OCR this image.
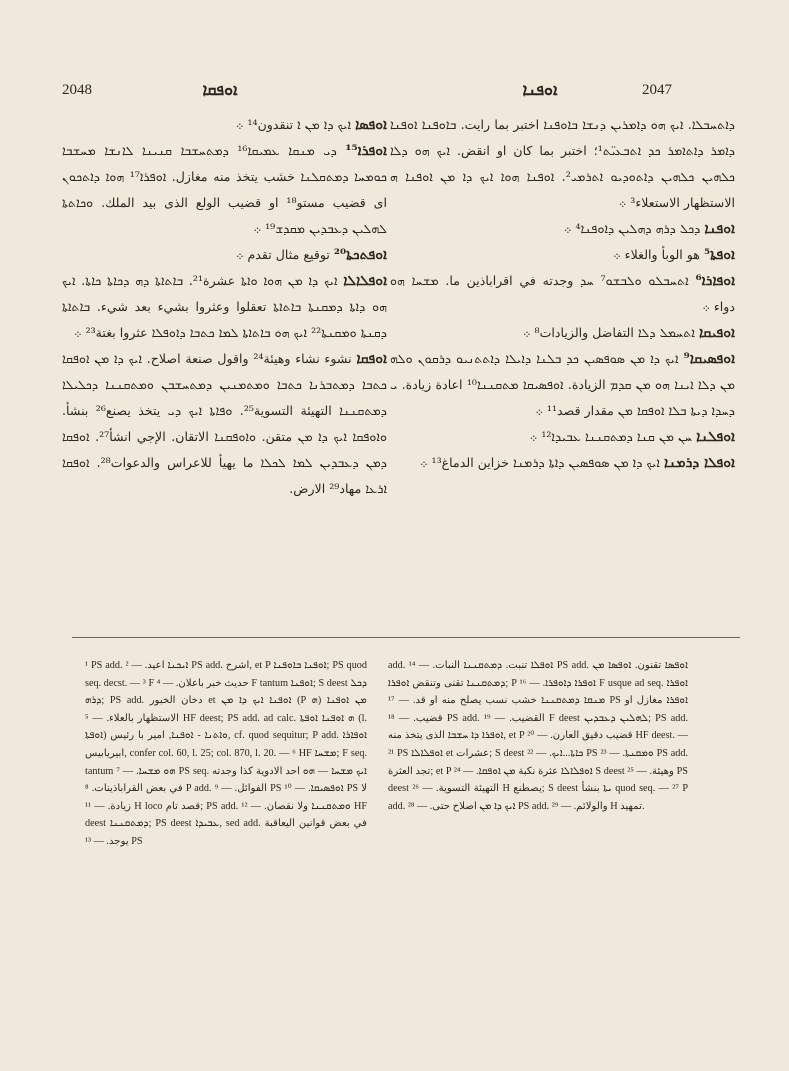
2048	ܐܘܦܩܐ	ܐܘܦܢܐ	2047

ܕܐܬܚܒܠܐ. ܐܝܟ ܗܘ ܕܐܡܪܝܢ ܕܢܫܐ ܒܐܘܦܢܐ اختبر بما رايت. ܒܐܘܦܢܐ ܐܘܦܢܐ ܕܐܡܪ ܕܐܬܐܡܪ ܟܕ ܐܬܒܥܝ̈ܬ¹؛ اختبر بما كان او انقض. ܐܝܟ ܗܘ ܕܠܐ ܟܠܗܝܢ ܟܠܗܝܢ ܕܐܬܘܕܝܘ ܐܬܪܡܝ². ܐܘܦܢܐ ܗܘܐ ܐܝܟ ܕܐ ܡܢ ܐܘܦܢܐ ܗ الاستظهار الاستعلاء³ ܀

ܐܘܦܢܐ ܕܟܠ ܕܪܗ ܕܗܠܝܢ ܕܐܘܦܢܐ⁴ ܀

ܐܘܦܬܐ⁵ هو الوبأ والغلاء ܀

ܐܘܦܐܪܐ⁶ ܐܬܚܒܠܘ ܘܠܒܫܘ⁷ ܚܕ وجدته في اقراباذين ما. ܡܫܚܐ ܗܘ دواء ܀

ܐܘܦܝܩܐ ܐܬܚܡܠ ܕܠܐ التفاضل والزيادات⁸ ܀

ܐܘܦܣܝܩܐ⁹ ܐܝܟ ܕܐ ܡܢ ܣܘܦܣܝܢ ܟܕ ܒܠܢܐ ܕܐܝܠܐ ܕܐܬܬܢܝܘ ܕܪܩܘܢ ܘܠܗ ܡܢ ܕܠܐ ܐܝܢܐ ܗܘ ܡܢ ܩܕܡ الزيادة. ܐܘܦܣܝܩܐ ܡܬܩܢܢܐ¹⁰ اعادة زيادة. ܝ ܕܚܕܐ ܕܝܬܐ ܒܠܐ ܐܘܦܩܐ ܡܢ مقدار قصد¹¹ ܀

ܐܘܦܠܢܐ ܚܢ ܡܢ ܩܢܐ ܕܡܬܩܢܢܐ ܥܒܝܕܐ¹² ܀

ܐܘܦܠܐ ܕܪܡܢܐ ܐܝܟ ܕܐ ܡܢ ܣܘܦܣܝܢ ܕܐܬܐ ܕܪܡܢܐ خزاين الدماغ¹³ ܀

ܐܘܦܣܐ ܐܝܟ ܕܐ ܡܢ ܐ تنقدون¹⁴ ܀

ܐܘܦܪܐ¹⁵ ܕܝ ܡܢܩܐ ܥܡܝܩܐ¹⁶ ܕܡܬܚܫܒܐ ܩܢܝܢܐ ܠܐܢܫܐ ܡܚܫܒܐ ܟܘܡܚܐ ܕܡܬܩܠܢܐ خشب يتخذ منه مغازل. ܐܘܦܪܐ¹⁷ ܗܘܐ ܕܐܬܟܘܢ اى قضيب مستو¹⁸ او قضيب الولع الذى بيد الملك. ܘܟܐܬܬܐ ܠܗܠܝܢ ܕܥܒܕܝܢ ܡܩܕܫ¹⁹ ܀

ܐܘܦܬܟܬܐ²⁰ توقيع مثال تقدم ܀

ܐܘܦܠܐܠܐ ܐܝܟ ܕܐ ܡܢ ܗܘܐ ܘܐܬܐ عشرة²¹. ܒܐܬܐܬܐ ܕܗ ܕܟܐܬܐ ܟܐܬܐ. ܐܝܟ ܗܘ ܕܐܬܐ ܕܡܩܢܬܐ ܒܐܬܐܬܐ تعقلوا وعثروا بشيء بعد شيء. ܒܐܬܐܬܐ ܕܩܢܬܐ ܘܡܩܢܬܐ²² ܐܝܟ ܗܘ ܒܐܬܐܬܐ ܠܡܐ ܟܬܒܐ ܕܐܘܦܠܐ عثروا بغتة²³ ܀

ܐܘܦܩܐ نشوء نشاء وهيئة²⁴ واقول صنعة اصلاح. ܐܝܟ ܕܐ ܡܢ ܐܘܦܩܐ ܟܬܒܐ ܕܡܬܒܪܢܐ ܟܬܒܐ ܘܡܬܡܢܝܢ ܕܡܬܚܫܒܢ ܘܡܬܩܢܢܐ ܕܟܠܝܠܐ ܕܡܬܩܢܢܐ التهيئة التسوية²⁵. ܘܦܐܬܐ ܐܝܟ ܕܝ يتخذ يصنع²⁶ بنشأ. ܘܐܘܦܩܐ ܐܝܟ ܕܐ ܡܢ متقن. ܘܐܘܦܩܢܐ الاتقان. الإجي انشأ²⁷. ܐܘܦܩܐ ܕܡܢ ܕܥܒܕܝܢ ܠܡܐ ܠܟܠܐ ما يهيأ للاعراس والدعوات²⁸. ܐܘܦܩܐ ܐܪܥܐ مهاد²⁹ الارض.

¹ PS add. ܐܝܟܢܐ اعيد. — ² PS add. اشرح, et P ܐܘܦܢܐ ܒܐܘܦܢܐ; PS quod seq. decst. — ³ F حديث خبر باعلان. — ⁴ F tantum ܐܘܦܢܐ; S deest ܕܟܠ ܕܪܗ; PS add. دخان الخبور et ܐܘܦܢܐ ܐܝܟ ܕܐ ܡܢ (P ܗ) ܡܢ ܐܘܦܢܐ الاستظهار بالعلاء. — ⁵ HF deest; PS add. ad calc. ܗ ܐܘܦܢܐ ܐܘܦܬܐ (l. ܐܘܦܬܐ) ܘܐܬܢܐ - ܐܘܦܢܐ, امير با رئيس, cf. quod sequitur; P add. ܐܘܦܐܪܐ ابيريابيس, confer col. 60, l. 25; col. 870, l. 20. — ⁶ HF ܡܫܚܐ; F seq. tantum ܗܘ ܡܫܚܐ. — ⁷ PS seq. ܐܝܟ ܡܫܚܐ — ܗܘ احد الادوية كذا وجدته في بعض القراباذينات. ⁸ P add. الفوائل. — ⁹ PS ܐܘܦܣܝܩܐ. — ¹⁰ PS لا زيادة. — ¹¹ H loco قصد تام; PS add. ܘܡܬܩܢܢܐ ولا نقصان. — ¹² HF deest ܕܡܬܩܢܢܐ; PS deest ܥܒܝܕܐ, sed add. في بعض قوانين اليعاقبة يوجد. — ¹³ PS

add. ܐܘܦܠܐ تنبت. ܕܡܬܩܢܢܐ النبات. — ¹⁴ PS add. ܐܘܦܣܐ تقنون. ܐܘܦܣܐ ܡܢ ܕܡܬܩܢܢܐ تقنى وتنقض ܐܘܦܪܐ; P ܐܘܦܪܐ ܕܐܘܦܪܐ. — ¹⁶ F usque ad seq. ܐܘܦܪܐ ܡܢܩܐ ܕܡܬܩܢܢܐ خشب نسب يصلح منه او قد. — ¹⁷ PS ܐܘܦܪܐ مغازل او قضيب. — ¹⁸ PS add. القضيب. — ¹⁹ F deest ܠܗܠܝܢ ܕܥܒܕܝܢ; PS add. ܐܘܦܪܐ ܕܐ ܚܫܒܐ الذى يتخذ منه, et P قضيب دقيق العارن. — ²⁰ HF deest. — ²¹ PS ܐܘܦܠܐܠܐ et عشرات; S deest ܟܐܬܐ...ܐܝܟ. — ²² PS ܘܡܩܢܬܐ. — ²³ PS add. تجد العثرة; et P ܐܘܦܠܐܠܐ عثرة نكبة ܡܢ ܐܘܦܩܐ. — ²⁴ S deest وهيئة. — ²⁵ PS deest التهيئة التسوية. — ²⁶ H يصطنع; S deest ܝܬܐ بنشأ quod seq. — ²⁷ P add. ܐܝܟ ܕܐ ܡܢ اصلاح حتى. — ²⁸ PS add. والولائم. — ²⁹ H تمهيد.
